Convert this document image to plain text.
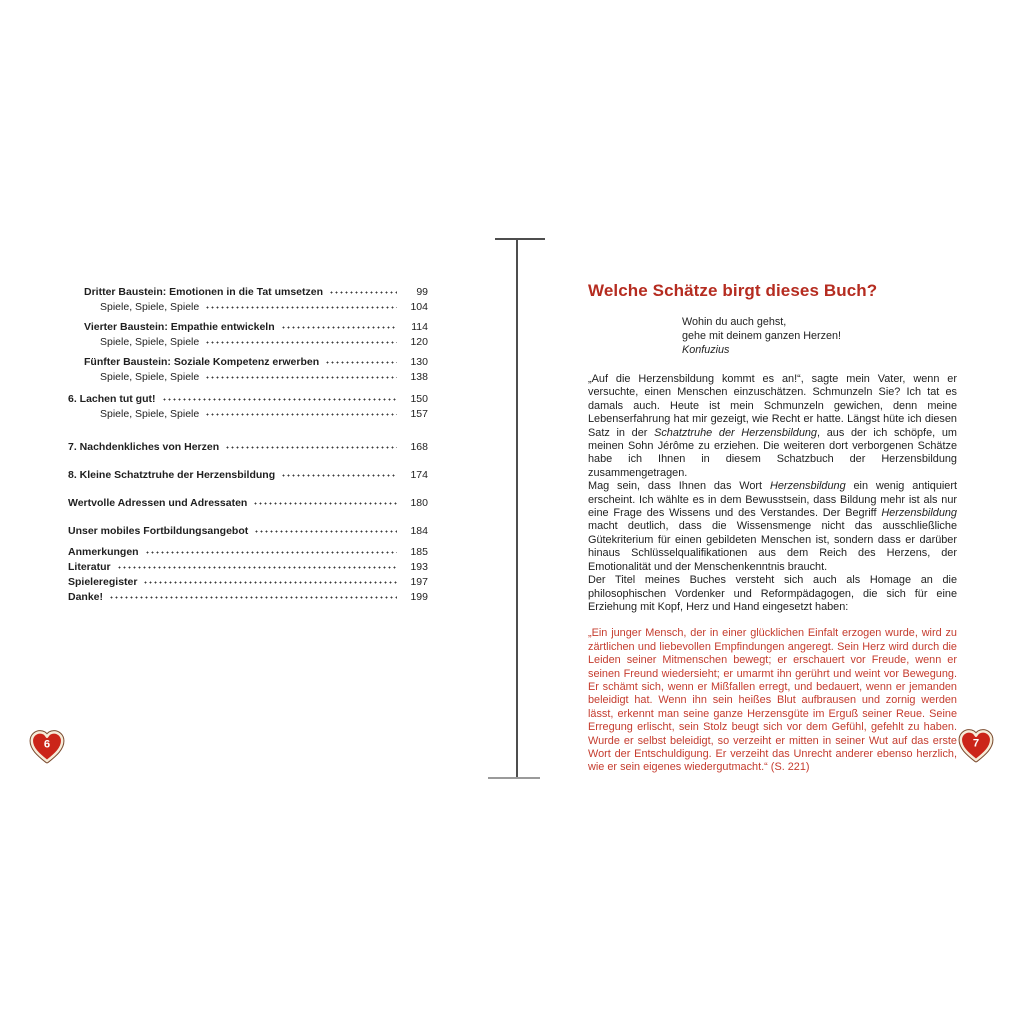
Dritter Baustein: Emotionen in die Tat umsetzen	99
Spiele, Spiele, Spiele	104
Vierter Baustein: Empathie entwickeln	114
Spiele, Spiele, Spiele	120
Fünfter Baustein: Soziale Kompetenz erwerben	130
Spiele, Spiele, Spiele	138
6. Lachen tut gut!	150
Spiele, Spiele, Spiele	157
7. Nachdenkliches von Herzen	168
8. Kleine Schatztruhe der Herzensbildung	174
Wertvolle Adressen und Adressaten	180
Unser mobiles Fortbildungsangebot	184
Anmerkungen	185
Literatur	193
Spieleregister	197
Danke!	199
Welche Schätze birgt dieses Buch?
Wohin du auch gehst,
gehe mit deinem ganzen Herzen!
Konfuzius

„Auf die Herzensbildung kommt es an!“, sagte mein Vater, wenn er versuchte, einen Menschen einzuschätzen. Schmunzeln Sie? Ich tat es damals auch. Heute ist mein Schmunzeln gewichen, denn meine Lebenserfahrung hat mir gezeigt, wie Recht er hatte. Längst hüte ich diesen Satz in der Schatztruhe der Herzensbildung, aus der ich schöpfe, um meinen Sohn Jérôme zu erziehen. Die weiteren dort verborgenen Schätze habe ich Ihnen in diesem Schatzbuch der Herzensbildung zusammengetragen.

Mag sein, dass Ihnen das Wort Herzensbildung ein wenig antiquiert erscheint. Ich wählte es in dem Bewusstsein, dass Bildung mehr ist als nur eine Frage des Wissens und des Verstandes. Der Begriff Herzensbildung macht deutlich, dass die Wissensmenge nicht das ausschließliche Gütekriterium für einen gebildeten Menschen ist, sondern dass er darüber hinaus Schlüsselqualifikationen aus dem Reich des Herzens, der Emotionalität und der Menschenkenntnis braucht.

Der Titel meines Buches versteht sich auch als Homage an die philosophischen Vordenker und Reformpädagogen, die sich für eine Erziehung mit Kopf, Herz und Hand eingesetzt haben:

„Ein junger Mensch, der in einer glücklichen Einfalt erzogen wurde, wird zu zärtlichen und liebevollen Empfindungen angeregt. Sein Herz wird durch die Leiden seiner Mitmenschen bewegt; er erschauert vor Freude, wenn er seinen Freund wiedersieht; er umarmt ihn gerührt und weint vor Bewegung. Er schämt sich, wenn er Mißfallen erregt, und bedauert, wenn er jemanden beleidigt hat. Wenn ihn sein heißes Blut aufbrausen und zornig werden lässt, erkennt man seine ganze Herzensgüte im Erguß seiner Reue. Seine Erregung erlischt, sein Stolz beugt sich vor dem Gefühl, gefehlt zu haben. Wurde er selbst beleidigt, so verzeiht er mitten in seiner Wut auf das erste Wort der Entschuldigung. Er verzeiht das Unrecht anderer ebenso herzlich, wie er sein eigenes wiedergutmacht.“ (S. 221)
6	7
